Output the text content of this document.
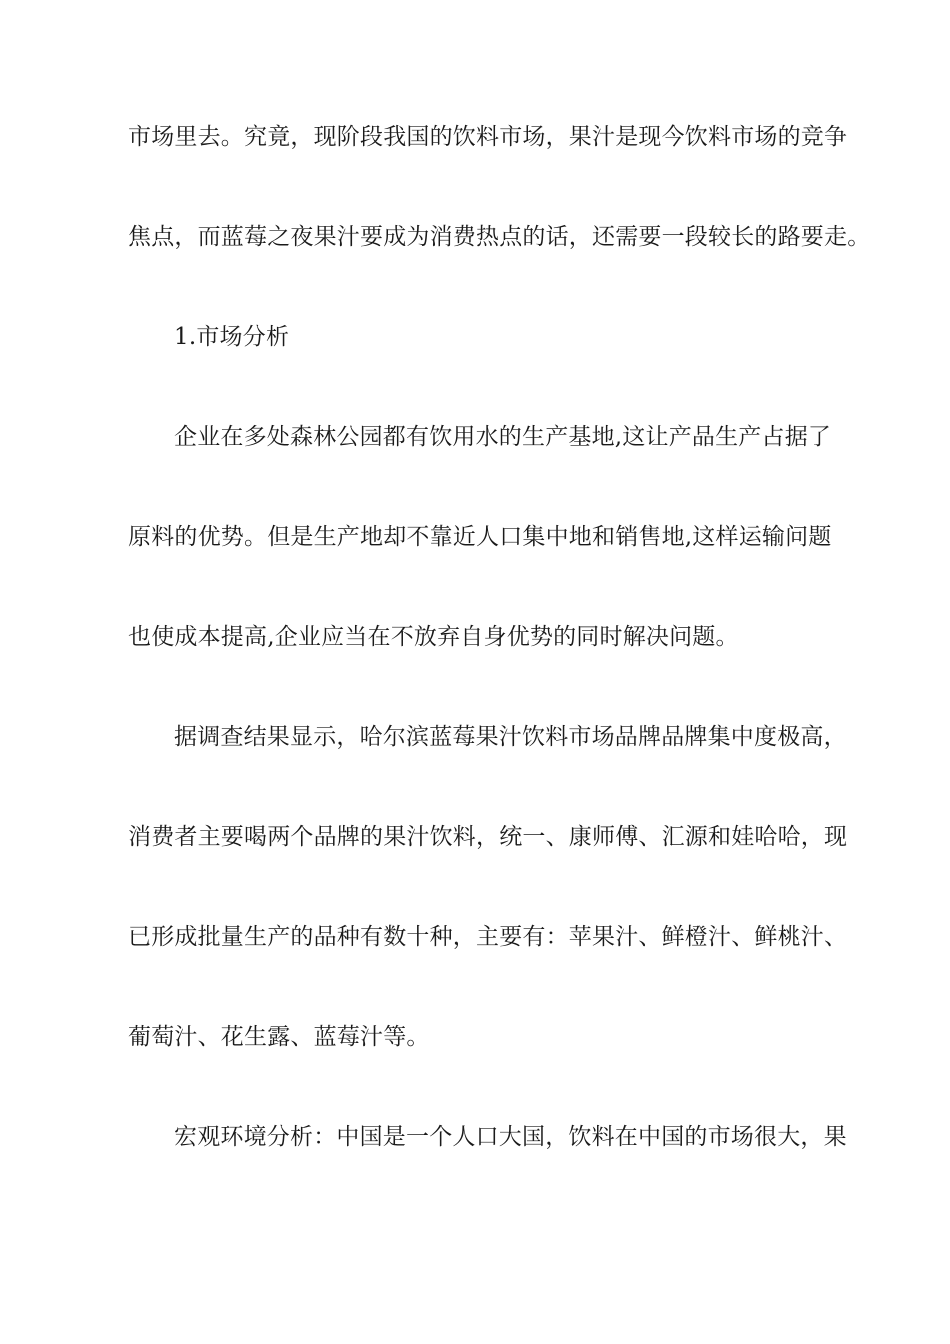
市场里去。究竟，现阶段我国的饮料市场，果汁是现今饮料市场的竞争
焦点，而蓝莓之夜果汁要成为消费热点的话，还需要一段较长的路要走。
1.市场分析
企业在多处森林公园都有饮用水的生产基地,这让产品生产占据了
原料的优势。但是生产地却不靠近人口集中地和销售地,这样运输问题
也使成本提高,企业应当在不放弃自身优势的同时解决问题。
据调查结果显示，哈尔滨蓝莓果汁饮料市场品牌品牌集中度极高，
消费者主要喝两个品牌的果汁饮料，统一、康师傅、汇源和娃哈哈，现
已形成批量生产的品种有数十种，主要有：苹果汁、鲜橙汁、鲜桃汁、
葡萄汁、花生露、蓝莓汁等。
宏观环境分析：中国是一个人口大国，饮料在中国的市场很大，果
